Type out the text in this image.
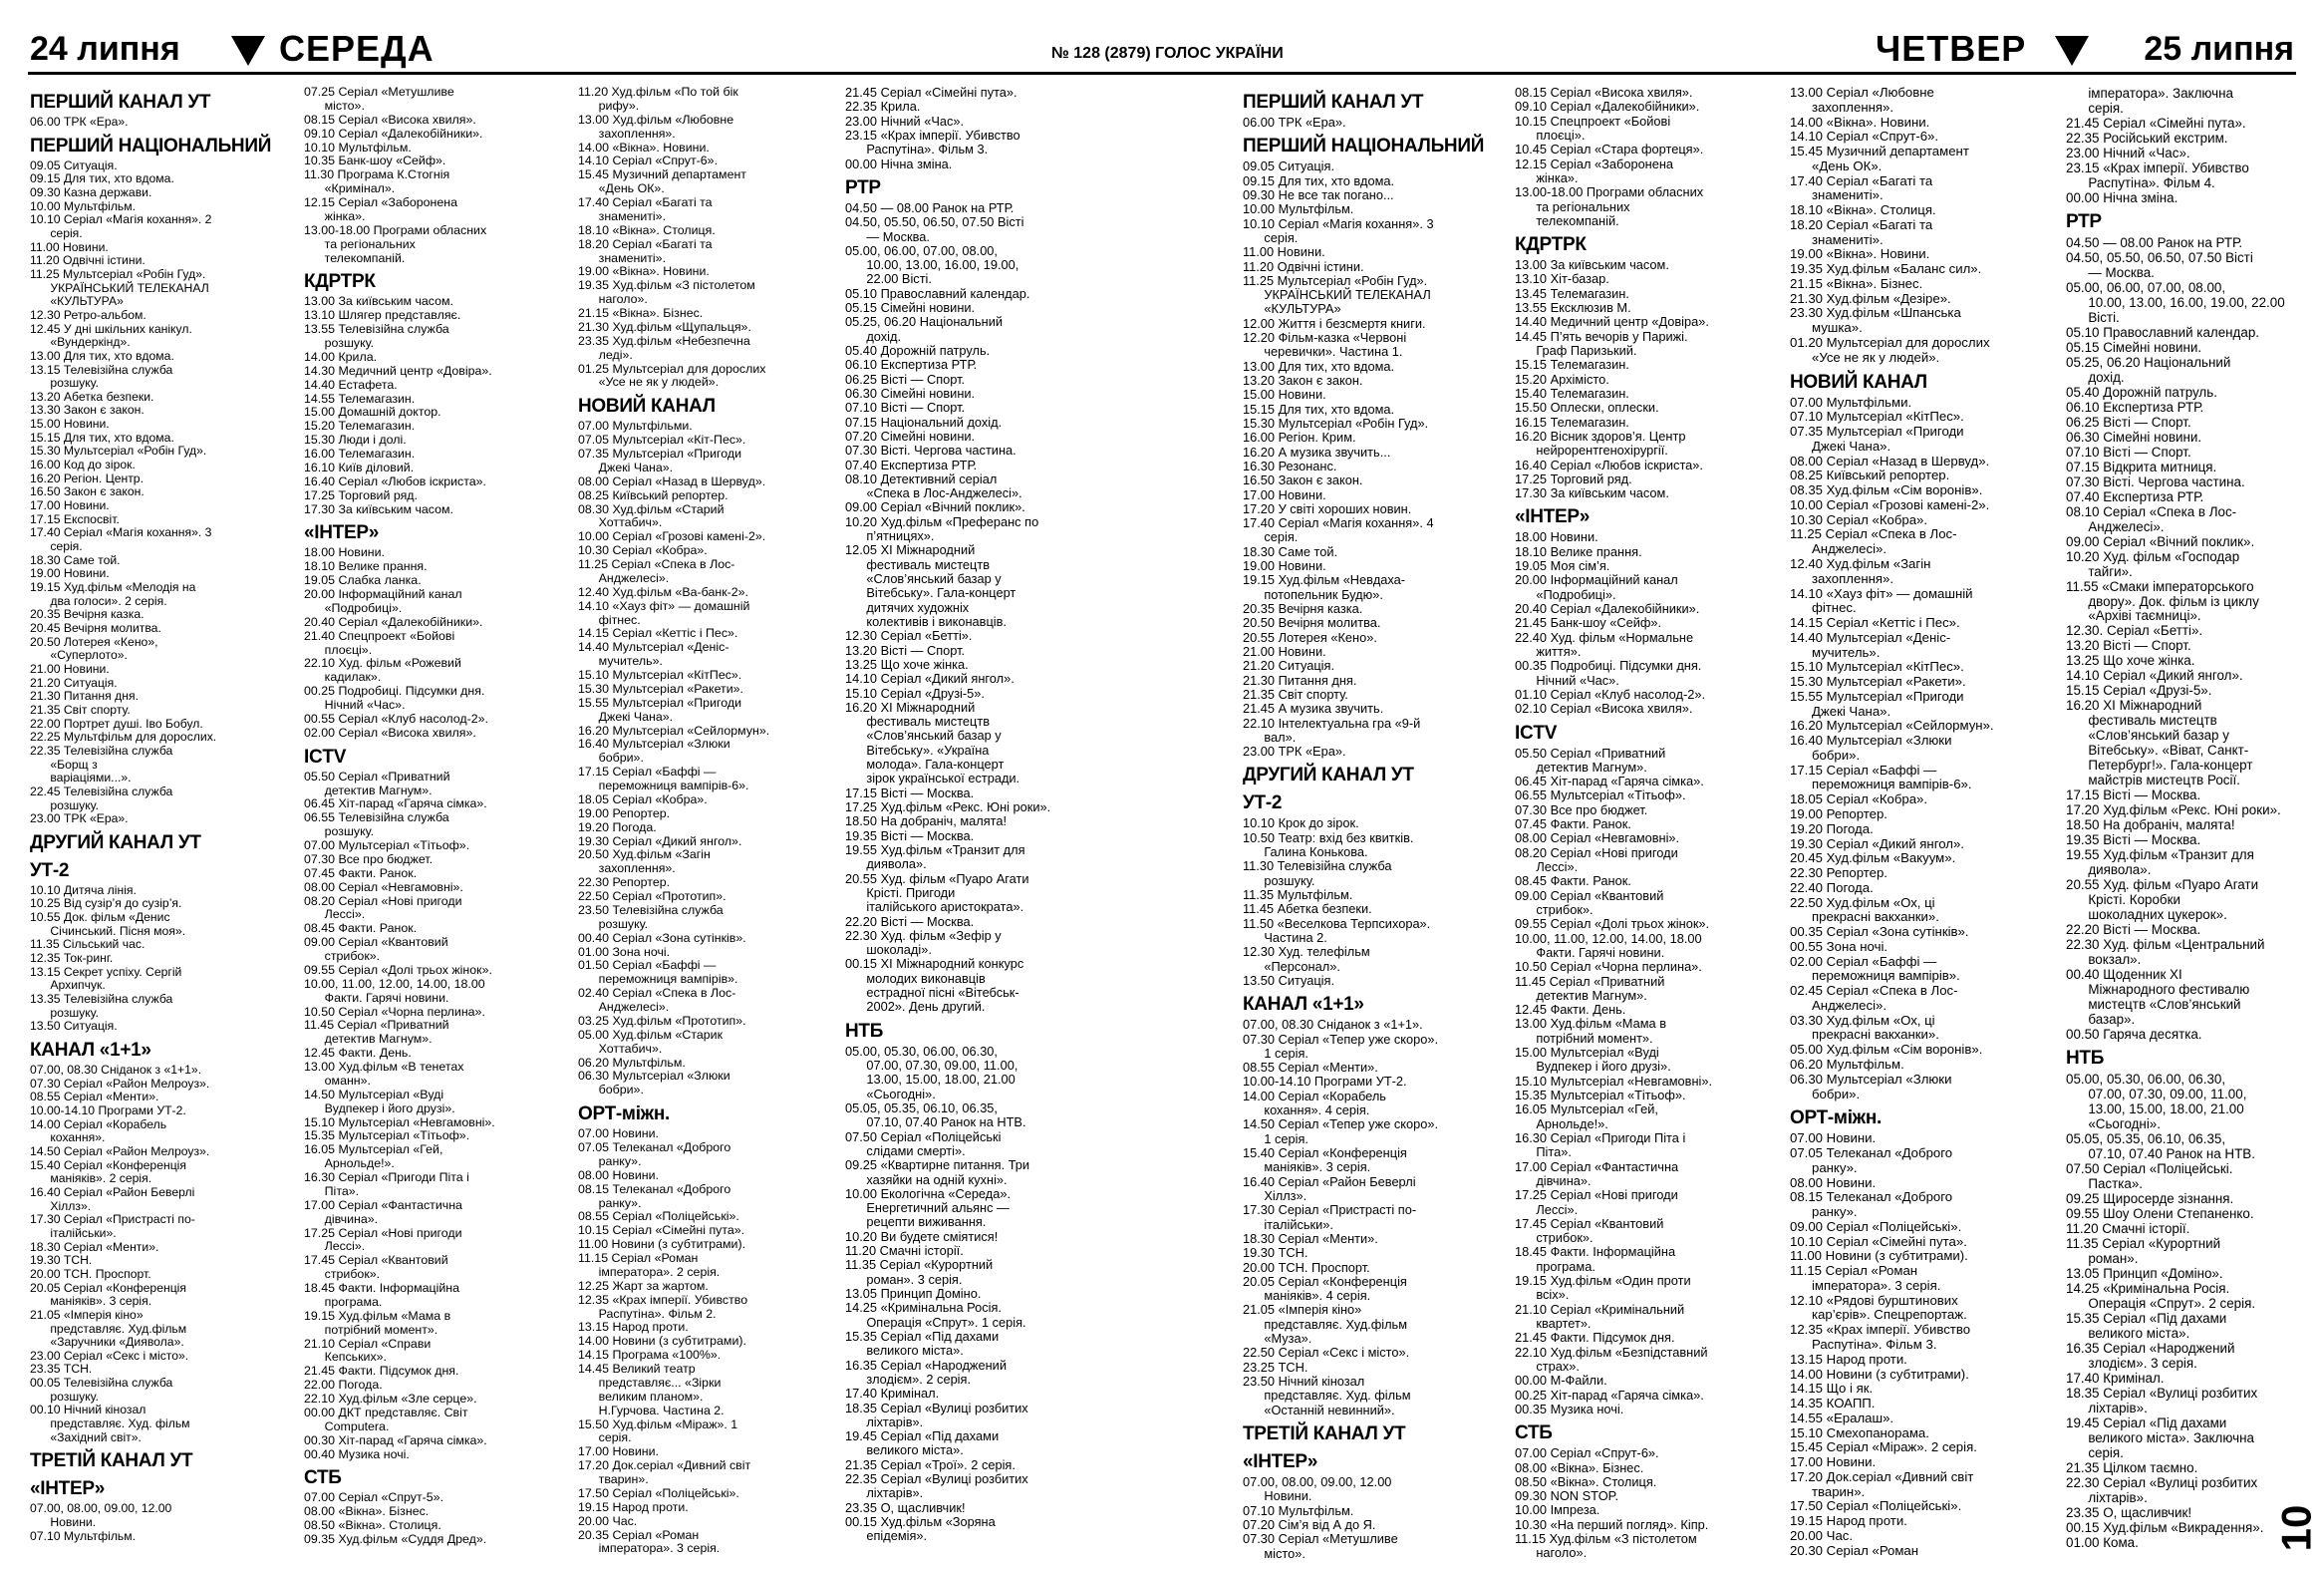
24 липня	СЕРЕДА	№ 128 (2879) ГОЛОС УКРАЇНИ	ЧЕТВЕР	25 липня
ПЕРШИЙ КАНАЛ УТ
06.00 ТРК «Ера».
ПЕРШИЙ НАЦІОНАЛЬНИЙ
09.05 Ситуація.
09.15 Для тих, хто вдома.
09.30 Казна держави.
10.00 Мультфільм.
10.10 Серіал «Магія кохання». 2
серія.
11.00 Новини.
11.20 Одвічні істини.
11.25 Мультсеріал «Робін Гуд».
УКРАЇНСЬКИЙ ТЕЛЕКАНАЛ
«КУЛЬТУРА»
12.30 Ретро-альбом.
12.45 У дні шкільних канікул.
«Вундеркінд».
13.00 Для тих, хто вдома.
13.15 Телевізійна служба
розшуку.
13.20 Абетка безпеки.
13.30 Закон є закон.
15.00 Новини.
15.15 Для тих, хто вдома.
15.30 Мультсеріал «Робін Гуд».
16.00 Код до зірок.
16.20 Регіон. Центр.
16.50 Закон є закон.
17.00 Новини.
17.15 Експосвіт.
17.40 Серіал «Магія кохання». 3
серія.
18.30 Саме той.
19.00 Новини.
19.15 Худ.фільм «Мелодія на
два голоси». 2 серія.
20.35 Вечірня казка.
20.45 Вечірня молитва.
20.50 Лотерея «Кено»,
«Суперлото».
21.00 Новини.
21.20 Ситуація.
21.30 Питання дня.
21.35 Світ спорту.
22.00 Портрет душі. Іво Бобул.
22.25 Мультфільм для дорослих.
22.35 Телевізійна служба
«Борщ з
варіаціями...».
22.45 Телевізійна служба
розшуку.
23.00 ТРК «Ера».
ДРУГИЙ КАНАЛ УТ
УТ-2
10.10 Дитяча лінія.
10.25 Від сузір’я до сузір’я.
10.55 Док. фільм «Денис
Січинський. Пісня моя».
11.35 Сільський час.
12.35 Ток-ринг.
13.15 Секрет успіху. Сергій
Архипчук.
13.35 Телевізійна служба
розшуку.
13.50 Ситуація.
КАНАЛ «1+1»
07.00, 08.30 Сніданок з «1+1».
07.30 Серіал «Район Мелроуз».
08.55 Серіал «Менти».
10.00-14.10 Програми УТ-2.
14.00 Серіал «Корабель
кохання».
14.50 Серіал «Район Мелроуз».
15.40 Серіал «Конференція
маніяків». 2 серія.
16.40 Серіал «Район Беверлі
Хіллз».
17.30 Серіал «Пристрасті по-
італійськи».
18.30 Серіал «Менти».
19.30 ТСН.
20.00 ТСН. Проспорт.
20.05 Серіал «Конференція
маніяків». 3 серія.
21.05 «Імперія кіно»
представляє. Худ.фільм
«Заручники «Диявола».
23.00 Серіал «Секс і місто».
23.35 ТСН.
00.05 Телевізійна служба
розшуку.
00.10 Нічний кінозал
представляє. Худ. фільм
«Західний світ».
ТРЕТІЙ КАНАЛ УТ
«ІНТЕР»
07.00, 08.00, 09.00, 12.00
Новини.
07.10 Мультфільм.
07.25 Серіал «Метушливе
місто».
08.15 Серіал «Висока хвиля».
09.10 Серіал «Далекобійники».
10.10 Мультфільм.
10.35 Банк-шоу «Сейф».
11.30 Програма К.Стогнія
«Кримінал».
12.15 Серіал «Заборонена
жінка».
13.00-18.00 Програми обласних
та регіональних
телекомпаній.
КДРТРК
13.00 За київським часом.
13.10 Шлягер представляє.
13.55 Телевізійна служба
розшуку.
14.00 Крила.
14.30 Медичний центр «Довіра».
14.40 Естафета.
14.55 Телемагазин.
15.00 Домашній доктор.
15.20 Телемагазин.
15.30 Люди і долі.
16.00 Телемагазин.
16.10 Київ діловий.
16.40 Серіал «Любов іскриста».
17.25 Торговий ряд.
17.30 За київським часом.
«ІНТЕР»
18.00 Новини.
18.10 Велике прання.
19.05 Слабка ланка.
20.00 Інформаційний канал
«Подробиці».
20.40 Серіал «Далекобійники».
21.40 Спецпроект «Бойові
плоєці».
22.10 Худ. фільм «Рожевий
кадилак».
00.25 Подробиці. Підсумки дня.
Нічний «Час».
00.55 Серіал «Клуб насолод-2».
02.00 Серіал «Висока хвиля».
ICTV
05.50 Серіал «Приватний
детектив Магнум».
06.45 Хіт-парад «Гаряча сімка».
06.55 Телевізійна служба
розшуку.
07.00 Мультсеріал «Тітьоф».
07.30 Все про бюджет.
07.45 Факти. Ранок.
08.00 Серіал «Невгамовні».
08.20 Серіал «Нові пригоди
Лессі».
08.45 Факти. Ранок.
09.00 Серіал «Квантовий
стрибок».
09.55 Серіал «Долі трьох жінок».
10.00, 11.00, 12.00, 14.00, 18.00
Факти. Гарячі новини.
10.50 Серіал «Чорна перлина».
11.45 Серіал «Приватний
детектив Магнум».
12.45 Факти. День.
13.00 Худ.фільм «В тенетах
оманн».
14.50 Мультсеріал «Вуді
Вудпекер і його друзі».
15.10 Мультсеріал «Невгамовні».
15.35 Мультсеріал «Тітьоф».
16.05 Мультсеріал «Гей,
Арнольде!».
16.30 Серіал «Пригоди Піта і
Піта».
17.00 Серіал «Фантастична
дівчина».
17.25 Серіал «Нові пригоди
Лессі».
17.45 Серіал «Квантовий
стрибок».
18.45 Факти. Інформаційна
програма.
19.15 Худ.фільм «Мама в
потрібний момент».
21.10 Серіал «Справи
Кепських».
21.45 Факти. Підсумок дня.
22.00 Погода.
22.10 Худ.фільм «Зле серце».
00.00 ДКТ представляє. Світ
Computera.
00.30 Хіт-парад «Гаряча сімка».
00.40 Музика ночі.
СТБ
07.00 Серіал «Спрут-5».
08.00 «Вікна». Бізнес.
08.50 «Вікна». Столиця.
09.35 Худ.фільм «Суддя Дред».
11.20 Худ.фільм «По той бік
рифу».
13.00 Худ.фільм «Любовне
захоплення».
14.00 «Вікна». Новини.
14.10 Серіал «Спрут-6».
15.45 Музичний департамент
«День ОК».
17.40 Серіал «Багаті та
знамениті».
18.10 «Вікна». Столиця.
18.20 Серіал «Багаті та
знамениті».
19.00 «Вікна». Новини.
19.35 Худ.фільм «З пістолетом
наголо».
21.15 «Вікна». Бізнес.
21.30 Худ.фільм «Щупальця».
23.35 Худ.фільм «Небезпечна
леді».
01.25 Мультсеріал для дорослих
«Усе не як у людей».
НОВИЙ КАНАЛ
07.00 Мультфільми.
07.05 Мультсеріал «Кіт-Пес».
07.35 Мультсеріал «Пригоди
Джекі Чана».
08.00 Серіал «Назад в Шервуд».
08.25 Київський репортер.
08.30 Худ.фільм «Старий
Хоттабич».
10.00 Серіал «Грозові камені-2».
10.30 Серіал «Кобра».
11.25 Серіал «Спека в Лос-
Анджелесі».
12.40 Худ.фільм «Ва-банк-2».
14.10 «Хауз фіт» — домашній
фітнес.
14.15 Серіал «Кеттіс і Пес».
14.40 Мультсеріал «Деніс-
мучитель».
15.10 Мультсеріал «КітПес».
15.30 Мультсеріал «Ракети».
15.55 Мультсеріал «Пригоди
Джекі Чана».
16.20 Мультсеріал «Сейлормун».
16.40 Мультсеріал «Злюки
бобри».
17.15 Серіал «Баффі —
переможниця вампірів-6».
18.05 Серіал «Кобра».
19.00 Репортер.
19.20 Погода.
19.30 Серіал «Дикий янгол».
20.50 Худ.фільм «Загін
захоплення».
22.30 Репортер.
22.50 Серіал «Прототип».
23.50 Телевізійна служба
розшуку.
00.40 Серіал «Зона сутінків».
01.00 Зона ночі.
01.50 Серіал «Баффі —
переможниця вампірів».
02.40 Серіал «Спека в Лос-
Анджелесі».
03.25 Худ.фільм «Прототип».
05.00 Худ.фільм «Старик
Хоттабич».
06.20 Мультфільм.
06.30 Мультсеріал «Злюки
бобри».
ОРТ-міжн.
07.00 Новини.
07.05 Телеканал «Доброго
ранку».
08.00 Новини.
08.15 Телеканал «Доброго
ранку».
08.55 Серіал «Поліцейські».
10.15 Серіал «Сімейні пута».
11.00 Новини (з субтитрами).
11.15 Серіал «Роман
імператора». 2 серія.
12.25 Жарт за жартом.
12.35 «Крах імперії. Убивство
Распутіна». Фільм 2.
13.15 Народ проти.
14.00 Новини (з субтитрами).
14.15 Програма «100%».
14.45 Великий театр
представляє... «Зірки
великим планом».
Н.Гурчова. Частина 2.
15.50 Худ.фільм «Міраж». 1
серія.
17.00 Новини.
17.20 Док.серіал «Дивний світ
тварин».
17.50 Серіал «Поліцейські».
19.15 Народ проти.
20.00 Час.
20.35 Серіал «Роман
імператора». 3 серія.
21.45 Серіал «Сімейні пута».
22.35 Крила.
23.00 Нічний «Час».
23.15 «Крах імперії. Убивство
Распутіна». Фільм 3.
00.00 Нічна зміна.
РТР
04.50 — 08.00 Ранок на РТР.
04.50, 05.50, 06.50, 07.50 Вісті
— Москва.
05.00, 06.00, 07.00, 08.00,
10.00, 13.00, 16.00, 19.00,
22.00 Вісті.
05.10 Православний календар.
05.15 Сімейні новини.
05.25, 06.20 Національний
дохід.
05.40 Дорожній патруль.
06.10 Експертиза РТР.
06.25 Вісті — Спорт.
06.30 Сімейні новини.
07.10 Вісті — Спорт.
07.15 Національний дохід.
07.20 Сімейні новини.
07.30 Вісті. Чергова частина.
07.40 Експертиза РТР.
08.10 Детективний серіал
«Спека в Лос-Анджелесі».
09.00 Серіал «Вічний поклик».
10.20 Худ.фільм «Преферанс по
п’ятницях».
12.05 XI Міжнародний
фестиваль мистецтв
«Слов’янський базар у
Вітебську». Гала-концерт
дитячих художніх
колективів і виконавців.
12.30 Серіал «Бетті».
13.20 Вісті — Спорт.
13.25 Що хоче жінка.
14.10 Серіал «Дикий янгол».
15.10 Серіал «Друзі-5».
16.20 XI Міжнародний
фестиваль мистецтв
«Слов’янський базар у
Вітебську». «Україна
молода». Гала-концерт
зірок української естради.
17.15 Вісті — Москва.
17.25 Худ.фільм «Рекс. Юні роки».
18.50 На добраніч, малята!
19.35 Вісті — Москва.
19.55 Худ.фільм «Транзит для
диявола».
20.55 Худ. фільм «Пуаро Агати
Крісті. Пригоди
італійського аристократа».
22.20 Вісті — Москва.
22.30 Худ. фільм «Зефір у
шоколаді».
00.15 XI Міжнародний конкурс
молодих виконавців
естрадної пісні «Вітебськ-
2002». День другий.
НТБ
05.00, 05.30, 06.00, 06.30,
07.00, 07.30, 09.00, 11.00,
13.00, 15.00, 18.00, 21.00
«Сьогодні».
05.05, 05.35, 06.10, 06.35,
07.10, 07.40 Ранок на НТВ.
07.50 Серіал «Поліцейські
слідами смерті».
09.25 «Квартирне питання. Три
хазяйки на одній кухні».
10.00 Екологічна «Середа».
Енергетичний альянс —
рецепти виживання.
10.20 Ви будете сміятися!
11.20 Смачні історії.
11.35 Серіал «Курортний
роман». 3 серія.
13.05 Принцип Доміно.
14.25 «Кримінальна Росія.
Операція «Спрут». 1 серія.
15.35 Серіал «Під дахами
великого міста».
16.35 Серіал «Народжений
злодієм». 2 серія.
17.40 Кримінал.
18.35 Серіал «Вулиці розбитих
ліхтарів».
19.45 Серіал «Під дахами
великого міста».
21.35 Серіал «Трої». 2 серія.
22.35 Серіал «Вулиці розбитих
ліхтарів».
23.35 О, щасливчик!
00.15 Худ.фільм «Зоряна
епідемія».
ПЕРШИЙ КАНАЛ УТ
06.00 ТРК «Ера».
ПЕРШИЙ НАЦІОНАЛЬНИЙ
09.05 Ситуація.
09.15 Для тих, хто вдома.
09.30 Не все так погано...
10.00 Мультфільм.
10.10 Серіал «Магія кохання». 3
серія.
11.00 Новини.
11.20 Одвічні істини.
11.25 Мультсеріал «Робін Гуд».
УКРАЇНСЬКИЙ ТЕЛЕКАНАЛ
«КУЛЬТУРА»
12.00 Життя і безсмертя книги.
12.20 Фільм-казка «Червоні
черевички». Частина 1.
13.00 Для тих, хто вдома.
13.20 Закон є закон.
15.00 Новини.
15.15 Для тих, хто вдома.
15.30 Мультсеріал «Робін Гуд».
16.00 Регіон. Крим.
16.20 А музика звучить...
16.30 Резонанс.
16.50 Закон є закон.
17.00 Новини.
17.20 У світі хороших новин.
17.40 Серіал «Магія кохання». 4
серія.
18.30 Саме той.
19.00 Новини.
19.15 Худ.фільм «Невдаха-
потопельник Будю».
20.35 Вечірня казка.
20.50 Вечірня молитва.
20.55 Лотерея «Кено».
21.00 Новини.
21.20 Ситуація.
21.30 Питання дня.
21.35 Світ спорту.
21.45 А музика звучить.
22.10 Інтелектуальна гра «9-й
вал».
23.00 ТРК «Ера».
ДРУГИЙ КАНАЛ УТ
УТ-2
10.10 Крок до зірок.
10.50 Театр: вхід без квитків.
Галина Конькова.
11.30 Телевізійна служба
розшуку.
11.35 Мультфільм.
11.45 Абетка безпеки.
11.50 «Веселкова Терпсихора».
Частина 2.
12.30 Худ. телефільм
«Персонал».
13.50 Ситуація.
КАНАЛ «1+1»
07.00, 08.30 Сніданок з «1+1».
07.30 Серіал «Тепер уже скоро».
1 серія.
08.55 Серіал «Менти».
10.00-14.10 Програми УТ-2.
14.00 Серіал «Корабель
кохання». 4 серія.
14.50 Серіал «Тепер уже скоро».
1 серія.
15.40 Серіал «Конференція
маніяків». 3 серія.
16.40 Серіал «Район Беверлі
Хіллз».
17.30 Серіал «Пристрасті по-
італійськи».
18.30 Серіал «Менти».
19.30 ТСН.
20.00 ТСН. Проспорт.
20.05 Серіал «Конференція
маніяків». 4 серія.
21.05 «Імперія кіно»
представляє. Худ.фільм
«Муза».
22.50 Серіал «Секс і місто».
23.25 ТСН.
23.50 Нічний кінозал
представляє. Худ. фільм
«Останній невинний».
ТРЕТІЙ КАНАЛ УТ
«ІНТЕР»
07.00, 08.00, 09.00, 12.00
Новини.
07.10 Мультфільм.
07.20 Сім’я від А до Я.
07.30 Серіал «Метушливе
місто».
08.15 Серіал «Висока хвиля».
09.10 Серіал «Далекобійники».
10.15 Спецпроект «Бойові
плоєці».
10.45 Серіал «Стара фортеця».
12.15 Серіал «Заборонена
жінка».
13.00-18.00 Програми обласних
та регіональних
телекомпаній.
КДРТРК
13.00 За київським часом.
13.10 Хіт-базар.
13.45 Телемагазин.
13.55 Ексклюзив М.
14.40 Медичний центр «Довіра».
14.45 П’ять вечорів у Парижі.
Граф Паризький.
15.15 Телемагазин.
15.20 Архімісто.
15.40 Телемагазин.
15.50 Оплески, оплески.
16.15 Телемагазин.
16.20 Вісник здоров’я. Центр
нейрорентгенохірургії.
16.40 Серіал «Любов іскриста».
17.25 Торговий ряд.
17.30 За київським часом.
«ІНТЕР»
18.00 Новини.
18.10 Велике прання.
19.05 Моя сім’я.
20.00 Інформаційний канал
«Подробиці».
20.40 Серіал «Далекобійники».
21.45 Банк-шоу «Сейф».
22.40 Худ. фільм «Нормальне
життя».
00.35 Подробиці. Підсумки дня.
Нічний «Час».
01.10 Серіал «Клуб насолод-2».
02.10 Серіал «Висока хвиля».
ICTV
05.50 Серіал «Приватний
детектив Магнум».
06.45 Хіт-парад «Гаряча сімка».
06.55 Мультсеріал «Тітьоф».
07.30 Все про бюджет.
07.45 Факти. Ранок.
08.00 Серіал «Невгамовні».
08.20 Серіал «Нові пригоди
Лессі».
08.45 Факти. Ранок.
09.00 Серіал «Квантовий
стрибок».
09.55 Серіал «Долі трьох жінок».
10.00, 11.00, 12.00, 14.00, 18.00
Факти. Гарячі новини.
10.50 Серіал «Чорна перлина».
11.45 Серіал «Приватний
детектив Магнум».
12.45 Факти. День.
13.00 Худ.фільм «Мама в
потрібний момент».
15.00 Мультсеріал «Вуді
Вудпекер і його друзі».
15.10 Мультсеріал «Невгамовні».
15.35 Мультсеріал «Тітьоф».
16.05 Мультсеріал «Гей,
Арнольде!».
16.30 Серіал «Пригоди Піта і
Піта».
17.00 Серіал «Фантастична
дівчина».
17.25 Серіал «Нові пригоди
Лессі».
17.45 Серіал «Квантовий
стрибок».
18.45 Факти. Інформаційна
програма.
19.15 Худ.фільм «Один проти
всіх».
21.10 Серіал «Кримінальний
квартет».
21.45 Факти. Підсумок дня.
22.10 Худ.фільм «Безпідставний
страх».
00.00 М-Файли.
00.25 Хіт-парад «Гаряча сімка».
00.35 Музика ночі.
СТБ
07.00 Серіал «Спрут-6».
08.00 «Вікна». Бізнес.
08.50 «Вікна». Столиця.
09.30 NON STOP.
10.00 Імпреза.
10.30 «На перший погляд». Кіпр.
11.15 Худ.фільм «З пістолетом
наголо».
13.00 Серіал «Любовне
захоплення».
14.00 «Вікна». Новини.
14.10 Серіал «Спрут-6».
15.45 Музичний департамент
«День ОК».
17.40 Серіал «Багаті та
знамениті».
18.10 «Вікна». Столиця.
18.20 Серіал «Багаті та
знамениті».
19.00 «Вікна». Новини.
19.35 Худ.фільм «Баланс сил».
21.15 «Вікна». Бізнес.
21.30 Худ.фільм «Дезіре».
23.30 Худ.фільм «Шпанська
мушка».
01.20 Мультсеріал для дорослих
«Усе не як у людей».
НОВИЙ КАНАЛ
07.00 Мультфільми.
07.10 Мультсеріал «КітПес».
07.35 Мультсеріал «Пригоди
Джекі Чана».
08.00 Серіал «Назад в Шервуд».
08.25 Київський репортер.
08.35 Худ.фільм «Сім воронів».
10.00 Серіал «Грозові камені-2».
10.30 Серіал «Кобра».
11.25 Серіал «Спека в Лос-
Анджелесі».
12.40 Худ.фільм «Загін
захоплення».
14.10 «Хауз фіт» — домашній
фітнес.
14.15 Серіал «Кеттіс і Пес».
14.40 Мультсеріал «Деніс-
мучитель».
15.10 Мультсеріал «КітПес».
15.30 Мультсеріал «Ракети».
15.55 Мультсеріал «Пригоди
Джекі Чана».
16.20 Мультсеріал «Сейлормун».
16.40 Мультсеріал «Злюки
бобри».
17.15 Серіал «Баффі —
переможниця вампірів-6».
18.05 Серіал «Кобра».
19.00 Репортер.
19.20 Погода.
19.30 Серіал «Дикий янгол».
20.45 Худ.фільм «Вакуум».
22.30 Репортер.
22.40 Погода.
22.50 Худ.фільм «Ох, ці
прекрасні вакханки».
00.35 Серіал «Зона сутінків».
00.55 Зона ночі.
02.00 Серіал «Баффі —
переможниця вампірів».
02.45 Серіал «Спека в Лос-
Анджелесі».
03.30 Худ.фільм «Ох, ці
прекрасні вакханки».
05.00 Худ.фільм «Сім воронів».
06.20 Мультфільм.
06.30 Мультсеріал «Злюки
бобри».
ОРТ-міжн.
07.00 Новини.
07.05 Телеканал «Доброго
ранку».
08.00 Новини.
08.15 Телеканал «Доброго
ранку».
09.00 Серіал «Поліцейські».
10.10 Серіал «Сімейні пута».
11.00 Новини (з субтитрами).
11.15 Серіал «Роман
імператора». 3 серія.
12.10 «Рядові бурштинових
кар’єрів». Спецрепортаж.
12.35 «Крах імперії. Убивство
Распутіна». Фільм 3.
13.15 Народ проти.
14.00 Новини (з субтитрами).
14.15 Що і як.
14.35 КОАПП.
14.55 «Ералаш».
15.10 Смехопанорама.
15.45 Серіал «Міраж». 2 серія.
17.00 Новини.
17.20 Док.серіал «Дивний світ
тварин».
17.50 Серіал «Поліцейські».
19.15 Народ проти.
20.00 Час.
20.30 Серіал «Роман
імператора». Заключна
серія.
21.45 Серіал «Сімейні пута».
22.35 Російський екстрим.
23.00 Нічний «Час».
23.15 «Крах імперії. Убивство
Распутіна». Фільм 4.
00.00 Нічна зміна.
РТР
04.50 — 08.00 Ранок на РТР.
04.50, 05.50, 06.50, 07.50 Вісті
— Москва.
05.00, 06.00, 07.00, 08.00,
10.00, 13.00, 16.00, 19.00, 22.00
Вісті.
05.10 Православний календар.
05.15 Сімейні новини.
05.25, 06.20 Національний
дохід.
05.40 Дорожній патруль.
06.10 Експертиза РТР.
06.25 Вісті — Спорт.
06.30 Сімейні новини.
07.10 Вісті — Спорт.
07.15 Відкрита митниця.
07.30 Вісті. Чергова частина.
07.40 Експертиза РТР.
08.10 Серіал «Спека в Лос-
Анджелесі».
09.00 Серіал «Вічний поклик».
10.20 Худ. фільм «Господар
тайги».
11.55 «Смаки імператорського
двору». Док. фільм із циклу
«Архіві таємниці».
12.30. Серіал «Бетті».
13.20 Вісті — Спорт.
13.25 Що хоче жінка.
14.10 Серіал «Дикий янгол».
15.15 Серіал «Друзі-5».
16.20 XI Міжнародний
фестиваль мистецтв
«Слов’янський базар у
Вітебську». «Віват, Санкт-
Петербург!». Гала-концерт
майстрів мистецтв Росії.
17.15 Вісті — Москва.
17.20 Худ.фільм «Рекс. Юні роки».
18.50 На добраніч, малята!
19.35 Вісті — Москва.
19.55 Худ.фільм «Транзит для
диявола».
20.55 Худ. фільм «Пуаро Агати
Крісті. Коробки
шоколадних цукерок».
22.20 Вісті — Москва.
22.30 Худ. фільм «Центральний
вокзал».
00.40 Щоденник XI
Міжнародного фестивалю
мистецтв «Слов’янський
базар».
00.50 Гаряча десятка.
НТБ
05.00, 05.30, 06.00, 06.30,
07.00, 07.30, 09.00, 11.00,
13.00, 15.00, 18.00, 21.00
«Сьогодні».
05.05, 05.35, 06.10, 06.35,
07.10, 07.40 Ранок на НТВ.
07.50 Серіал «Поліцейські.
Пастка».
09.25 Щиросерде зізнання.
09.55 Шоу Олени Степаненко.
11.20 Смачні історії.
11.35 Серіал «Курортний
роман».
13.05 Принцип «Доміно».
14.25 «Кримінальна Росія.
Операція «Спрут». 2 серія.
15.35 Серіал «Під дахами
великого міста».
16.35 Серіал «Народжений
злодієм». 3 серія.
17.40 Кримінал.
18.35 Серіал «Вулиці розбитих
ліхтарів».
19.45 Серіал «Під дахами
великого міста». Заключна
серія.
21.35 Цілком таємно.
22.30 Серіал «Вулиці розбитих
ліхтарів».
23.35 О, щасливчик!
00.15 Худ.фільм «Викрадення».
01.00 Кома.	10
